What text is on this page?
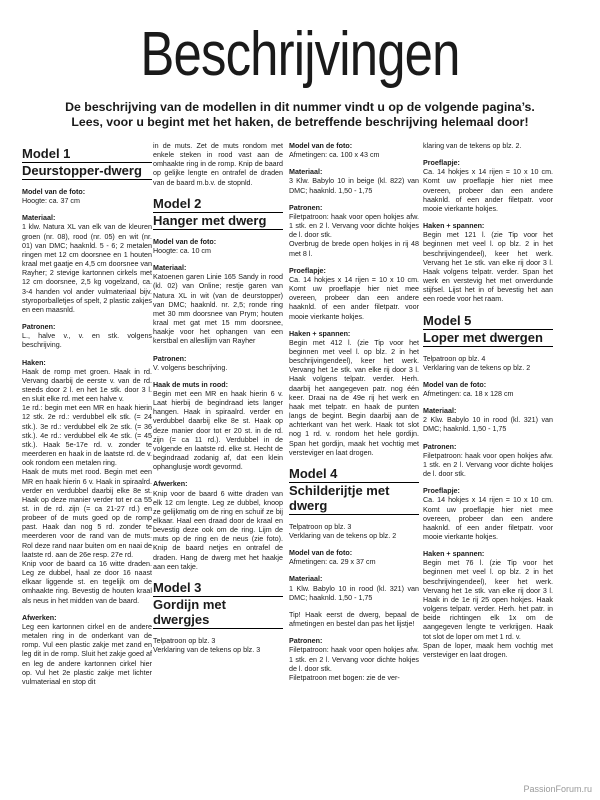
Beschrijvingen
De beschrijving van de modellen in dit nummer vindt u op de volgende pagina’s.
Lees, voor u begint met het haken, de betreffende beschrijving helemaal door!
Model 1
Deurstopper-dwerg
Model van de foto:
Hoogte: ca. 37 cm
Materiaal:
1 klw. Natura XL van elk van de kleuren groen (nr. 08), rood (nr. 05) en wit (nr. 01) van DMC; haaknld. 5 - 6; 2 metalen ringen met 12 cm doorsnee en 1 houten kraal met gaatje en 4,5 cm doorsnee van Rayher; 2 stevige kartonnen cirkels met 12 cm doorsnee, 2,5 kg vogelzand, ca. 3-4 handen vol ander vulmateriaal bijv. styroporballetjes of spelt, 2 plastic zakjes en een maasnld.
Patronen:
L., halve v., v. en stk. volgens beschrijving.
Haken:
Haak de romp met groen. Haak in rd. Vervang daarbij de eerste v. van de rd. steeds door 2 l. en het 1e stk. door 3 l. en sluit elke rd. met een halve v.
1e rd.: begin met een MR en haak hierin 12 stk. 2e rd.: verdubbel elk stk. (= 24 stk.). 3e rd.: verdubbel elk 2e stk. (= 36 stk.). 4e rd.: verdubbel elk 4e stk. (= 45 stk.). Haak 5e-17e rd. v. zonder te meerderen en haak in de laatste rd. de v. ook rondom een metalen ring.
Haak de muts met rood. Begin met een MR en haak hierin 6 v. Haak in spiraalrd. verder en verdubbel daarbij elke 8e st. Haak op deze manier verder tot er ca 55 st. in de rd. zijn (= ca 21-27 rd.) en probeer of de muts goed op de romp past. Haak dan nog 5 rd. zonder te meerderen voor de rand van de muts. Rol deze rand naar buiten om en naai de laatste rd. aan de 26e resp. 27e rd.
Knip voor de baard ca 16 witte draden. Leg ze dubbel, haal ze door 16 naast elkaar liggende st. en tegelijk om de omhaakte ring. Bevestig de houten kraal als neus in het midden van de baard.
Afwerken:
Leg een kartonnen cirkel en de andere metalen ring in de onderkant van de romp. Vul een plastic zakje met zand en leg dit in de romp. Sluit het zakje goed af en leg de andere kartonnen cirkel hier op. Vul het 2e plastic zakje met lichter vulmateriaal en stop dit
in de muts. Zet de muts rondom met enkele steken in rood vast aan de omhaakte ring in de romp. Knip de baard op gelijke lengte en ontrafel de draden van de baard m.b.v. de stopnld.
Model 2
Hanger met dwerg
Model van de foto:
Hoogte: ca. 10 cm
Materiaal:
Katoenen garen Linie 165 Sandy in rood (kl. 02) van Online; restje garen van Natura XL in wit (van de deurstopper) van DMC; haaknld. nr. 2,5; ronde ring met 30 mm doorsnee van Prym; houten kraal met gat met 15 mm doorsnee, haakje voor het ophangen van een kerstbal en allesllijm van Rayher
Patronen:
V. volgens beschrijving.
Haak de muts in rood:
Begin met een MR en haak hierin 6 v. Laat hierbij de begindraad iets langer hangen. Haak in spiraalrd. verder en verdubbel daarbij elke 8e st. Haak op deze manier door tot er 20 st. in de rd. zijn (= ca 11 rd.). Verdubbel in de volgende en laatste rd. elke st. Hecht de begindraad zodanig af, dat een klein ophanglusje wordt gevormd.
Afwerken:
Knip voor de baard 6 witte draden van elk 12 cm lengte. Leg ze dubbel, knoop ze gelijkmatig om de ring en schuif ze bij elkaar. Haal een draad door de kraal en bevestig deze ook om de ring. Lijm de muts op de ring en de neus (zie foto). Knip de baard netjes en ontrafel de draden. Hang de dwerg met het haakje aan een takje.
Model 3
Gordijn met dwergjes
Telpatroon op blz. 3
Verklaring van de tekens op blz. 3
Model van de foto:
Afmetingen: ca. 100 x 43 cm
Materiaal:
3 Klw. Babylo 10 in beige (kl. 822) van DMC; haaknld. 1,50 - 1,75
Patronen:
Filetpatroon: haak voor open hokjes afw. 1 stk. en 2 l. Vervang voor dichte hokjes de l. door stk.
Overbrug de brede open hokjes in rij 48 met 8 l.
Proeflapje:
Ca. 14 hokjes x 14 rijen = 10 x 10 cm. Komt uw proeflapje hier niet mee overeen, probeer dan een andere haaknld. of een ander filetpatr. voor mooie vierkante hokjes.
Haken + spannen:
Begin met 412 l. (zie Tip voor het beginnen met veel l. op blz. 2 in het beschrijvingendeel), keer het werk. Vervang het 1e stk. van elke rij door 3 l. Haak volgens telpatr. verder. Herh. daarbij het aangegeven patr. nog één keer. Draai na de 49e rij het werk en haak met telpatr. en haak de punten langs de begint. Begin daarbij aan de achterkant van het werk. Haak tot slot nog 1 rd. v. rondom het hele gordijn. Span het gordijn, maak het vochtig met versteviger en laat drogen.
Model 4
Schilderijtje met
dwerg
Telpatroon op blz. 3
Verklaring van de tekens op blz. 2
Model van de foto:
Afmetingen: ca. 29 x 37 cm
Materiaal:
1 Klw. Babylo 10 in rood (kl. 321) van DMC; haaknld. 1,50 - 1,75
Tip! Haak eerst de dwerg, bepaal de afmetingen en bestel dan pas het lijstje!
Patronen:
Filetpatroon: haak voor open hokjes afw. 1 stk. en 2 l. Vervang voor dichte hokjes de l. door stk.
Filetpatroon met bogen: zie de ver-
klaring van de tekens op blz. 2.
Proeflapje:
Ca. 14 hokjes x 14 rijen = 10 x 10 cm. Komt uw proeflapje hier niet mee overeen, probeer dan een andere haaknld. of een ander filetpatr. voor mooie vierkante hokjes.
Haken + spannen:
Begin met 121 l. (zie Tip voor het beginnen met veel l. op blz. 2 in het beschrijvingendeel), keer het werk. Vervang het 1e stk. van elke rij door 3 l. Haak volgens telpatr. verder. Span het werk en verstevig het met onverdunde stijfsel. Lijst het in of bevestig het aan een roede voor het raam.
Model 5
Loper met dwergen
Telpatroon op blz. 4
Verklaring van de tekens op blz. 2
Model van de foto:
Afmetingen: ca. 18 x 128 cm
Materiaal:
2 Klw. Babylo 10 in rood (kl. 321) van DMC; haaknld. 1,50 - 1,75
Patronen:
Filetpatroon: haak voor open hokjes afw. 1 stk. en 2 l. Vervang voor dichte hokjes de l. door stk.
Proeflapje:
Ca. 14 hokjes x 14 rijen = 10 x 10 cm. Komt uw proeflapje hier niet mee overeen, probeer dan een andere haaknld. of een ander filetpatr. voor mooie vierkante hokjes.
Haken + spannen:
Begin met 76 l. (zie Tip voor het beginnen met veel l. op blz. 2 in het beschrijvingendeel), keer het werk. Vervang het 1e stk. van elke rij door 3 l. Haak in de 1e rij 25 open hokjes. Haak volgens telpatr. verder. Herh. het patr. in beide richtingen elk 1x om de aangegeven lengte te verkrijgen. Haak tot slot de loper om met 1 rd. v.
Span de loper, maak hem vochtig met versteviger en laat drogen.
PassionForum.ru
